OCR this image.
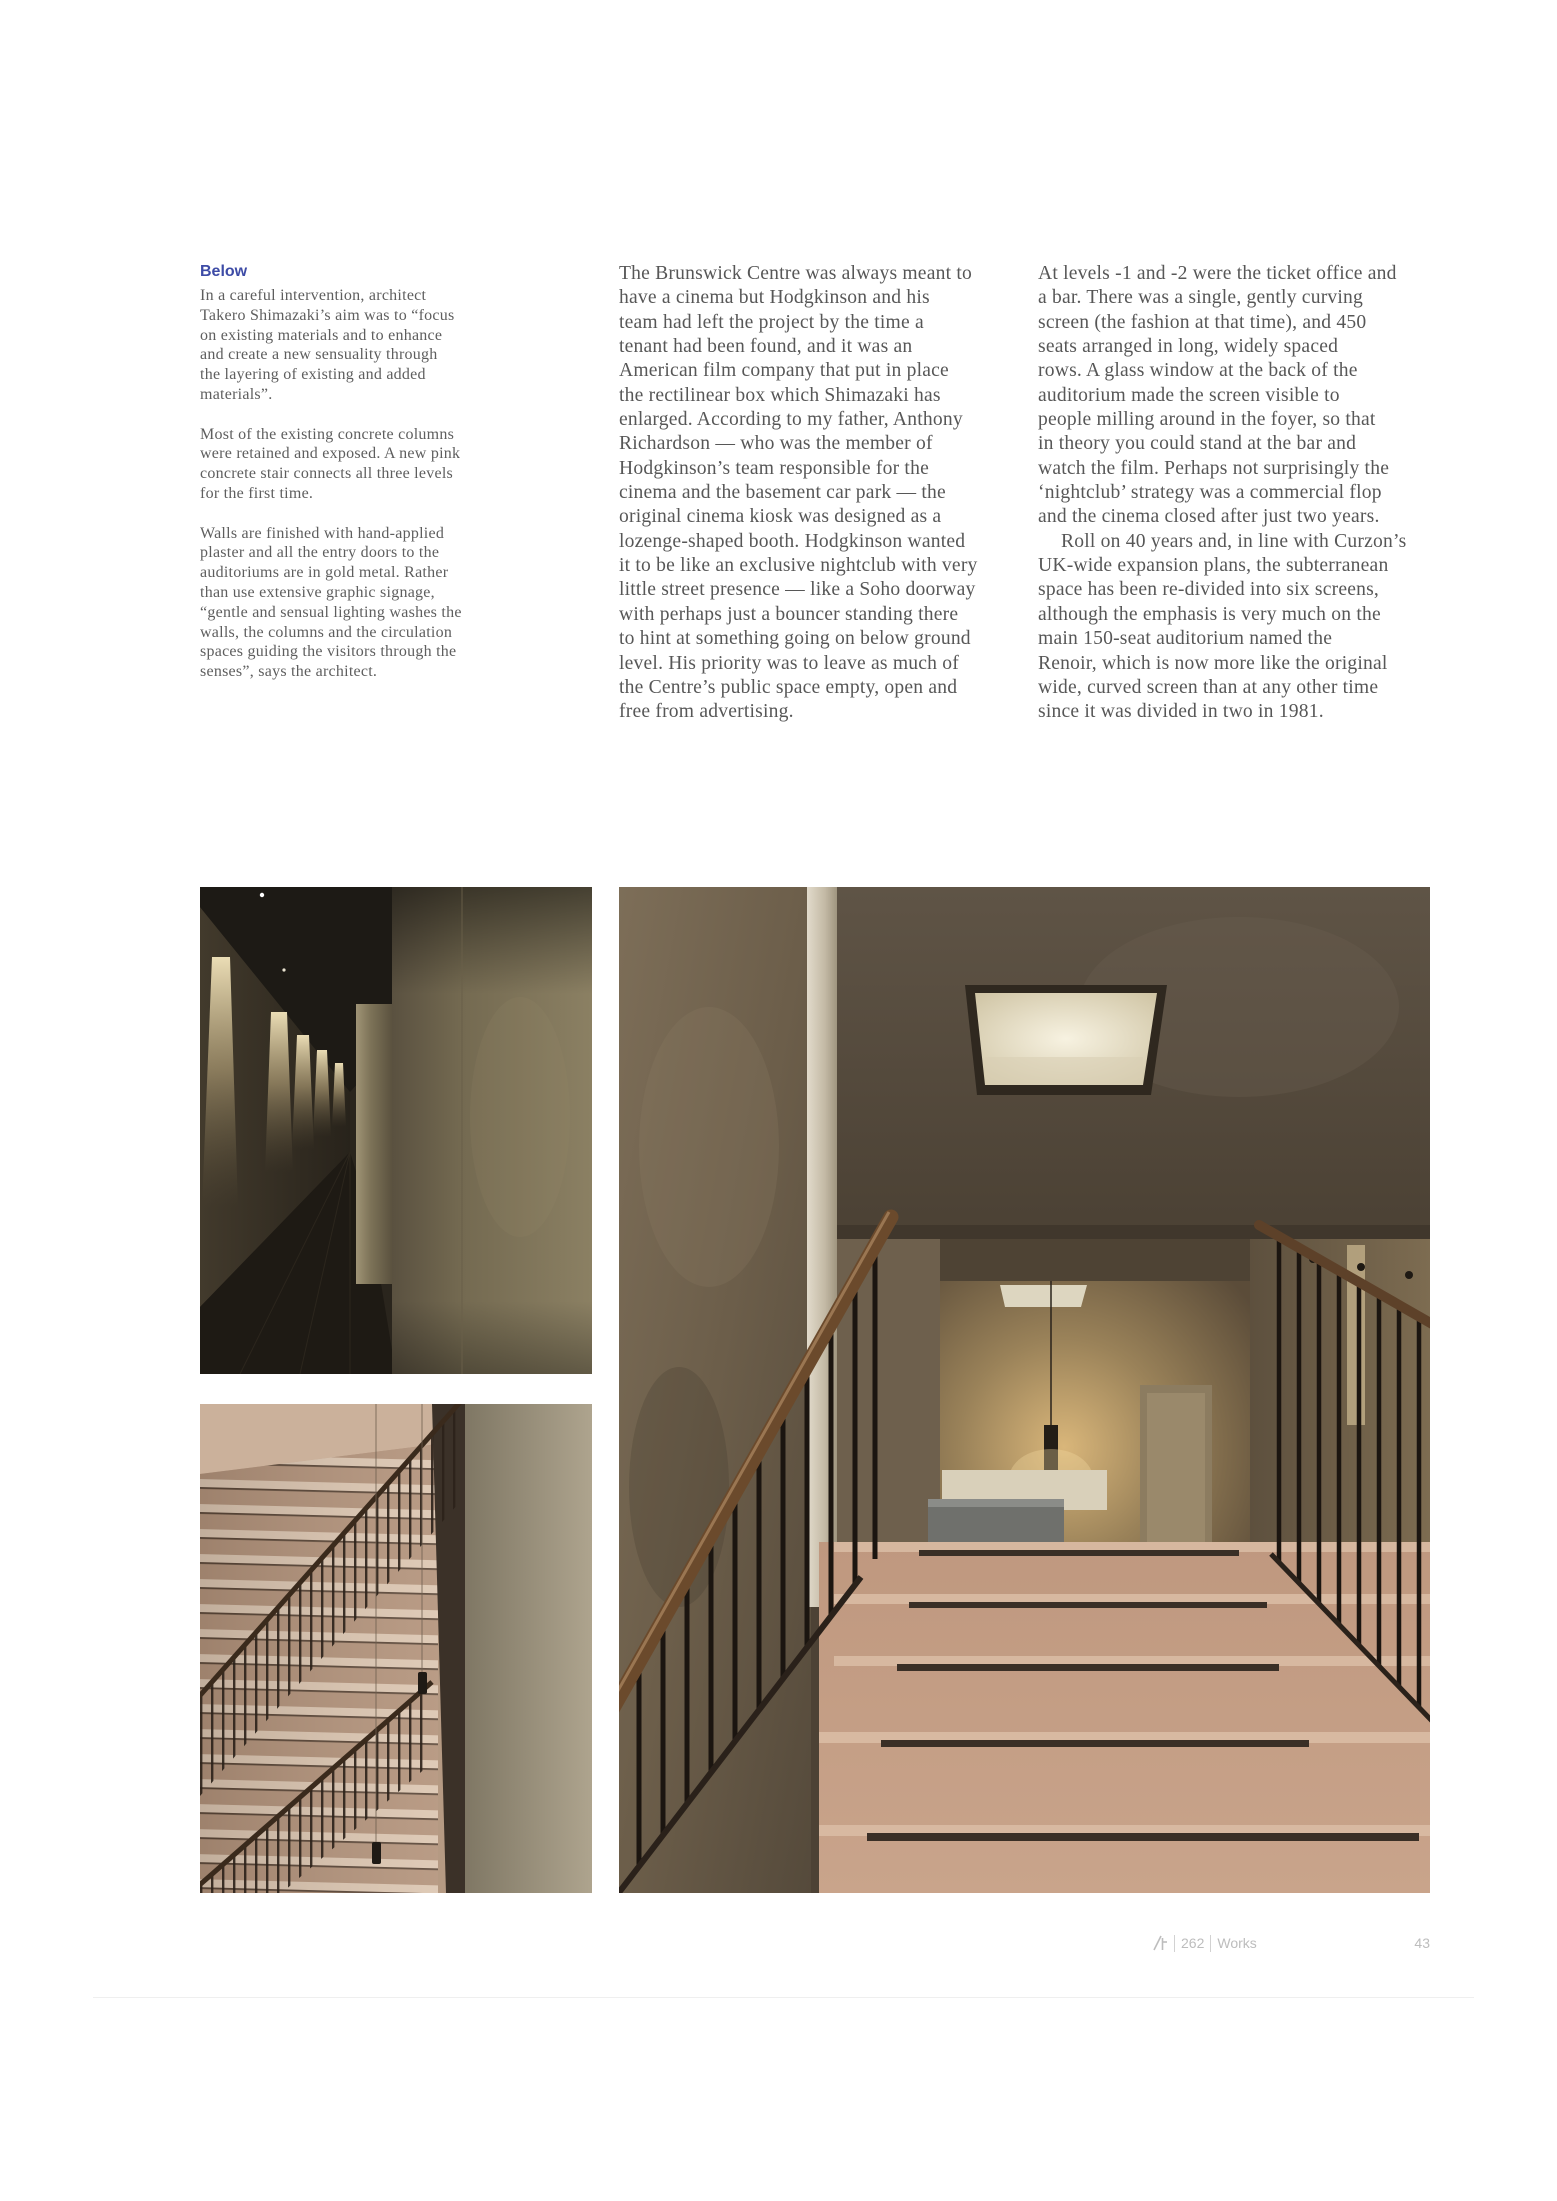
Below
In a careful intervention, architect
Takero Shimazaki’s aim was to “focus
on existing materials and to enhance
and create a new sensuality through
the layering of existing and added
materials”.
Most of the existing concrete columns
were retained and exposed. A new pink
concrete stair connects all three levels
for the first time.
Walls are finished with hand-applied
plaster and all the entry doors to the
auditoriums are in gold metal. Rather
than use extensive graphic signage,
“gentle and sensual lighting washes the
walls, the columns and the circulation
spaces guiding the visitors through the
senses”, says the architect.
The Brunswick Centre was always meant to
have a cinema but Hodgkinson and his
team had left the project by the time a
tenant had been found, and it was an
American film company that put in place
the rectilinear box which Shimazaki has
enlarged. According to my father, Anthony
Richardson — who was the member of
Hodgkinson’s team responsible for the
cinema and the basement car park — the
original cinema kiosk was designed as a
lozenge-shaped booth. Hodgkinson wanted
it to be like an exclusive nightclub with very
little street presence — like a Soho doorway
with perhaps just a bouncer standing there
to hint at something going on below ground
level. His priority was to leave as much of
the Centre’s public space empty, open and
free from advertising.
At levels -1 and -2 were the ticket office and
a bar. There was a single, gently curving
screen (the fashion at that time), and 450
seats arranged in long, widely spaced
rows. A glass window at the back of the
auditorium made the screen visible to
people milling around in the foyer, so that
in theory you could stand at the bar and
watch the film. Perhaps not surprisingly the
‘nightclub’ strategy was a commercial flop
and the cinema closed after just two years.
Roll on 40 years and, in line with Curzon’s
UK-wide expansion plans, the subterranean
space has been re-divided into six screens,
although the emphasis is very much on the
main 150-seat auditorium named the
Renoir, which is now more like the original
wide, curved screen than at any other time
since it was divided in two in 1981.
262 Works	43
